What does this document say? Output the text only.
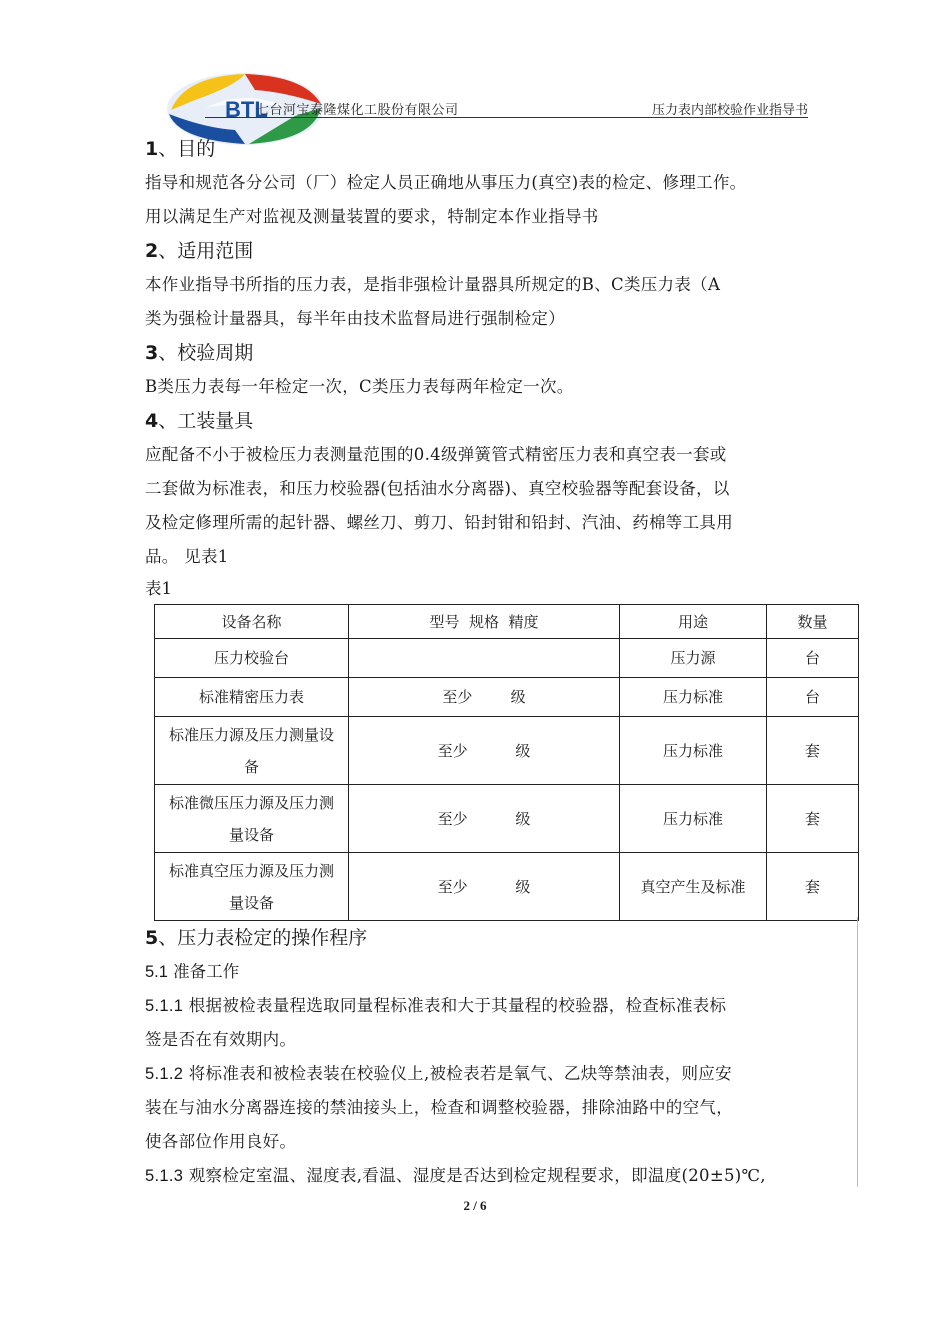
BTL
七台河宝泰隆煤化工股份有限公司	压力表内部校验作业指导书
1、目的
指导和规范各分公司（厂）检定人员正确地从事压力(真空)表的检定、修理工作。
用以满足生产对监视及测量装置的要求，特制定本作业指导书
2、适用范围
本作业指导书所指的压力表，是指非强检计量器具所规定的B、C类压力表（A
类为强检计量器具，每半年由技术监督局进行强制检定）
3、校验周期
B类压力表每一年检定一次，C类压力表每两年检定一次。
4、工装量具
应配备不小于被检压力表测量范围的0.4级弹簧管式精密压力表和真空表一套或
二套做为标准表，和压力校验器(包括油水分离器)、真空校验器等配套设备，以
及检定修理所需的起针器、螺丝刀、剪刀、铅封钳和铅封、汽油、药棉等工具用
品。 见表1
表1
设备名称	型号  规格  精度	用途	数量
压力校验台		压力源	台
标准精密压力表	至少        级	压力标准	台
标准压力源及压力测量设备	至少          级	压力标准	套
标准微压压力源及压力测量设备	至少          级	压力标准	套
标准真空压力源及压力测量设备	至少          级	真空产生及标准	套
5、压力表检定的操作程序
5.1 准备工作
5.1.1 根据被检表量程选取同量程标准表和大于其量程的校验器，检查标准表标
签是否在有效期内。
5.1.2 将标准表和被检表装在校验仪上,被检表若是氧气、乙炔等禁油表，则应安
装在与油水分离器连接的禁油接头上，检查和调整校验器，排除油路中的空气，
使各部位作用良好。
5.1.3 观察检定室温、湿度表,看温、湿度是否达到检定规程要求，即温度(20±5)℃,
2 / 6
